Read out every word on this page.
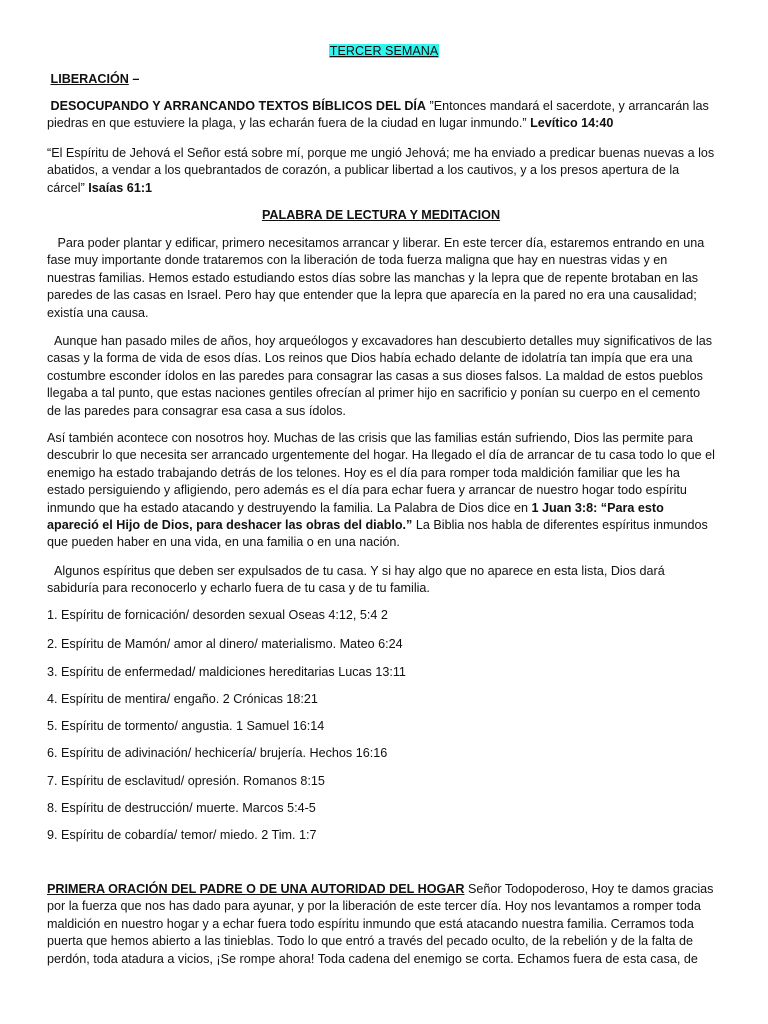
TERCER SEMANA

LIBERACIÓN –

DESOCUPANDO Y ARRANCANDO TEXTOS BÍBLICOS DEL DÍA ”Entonces mandará el sacerdote, y arrancarán las piedras en que estuviere la plaga, y las echarán fuera de la ciudad en lugar inmundo.” Levítico 14:40

“El Espíritu de Jehová el Señor está sobre mí, porque me ungió Jehová; me ha enviado a predicar buenas nuevas a los abatidos, a vendar a los quebrantados de corazón, a publicar libertad a los cautivos, y a los presos apertura de la cárcel” Isaías 61:1

PALABRA DE LECTURA Y MEDITACION

Para poder plantar y edificar, primero necesitamos arrancar y liberar. En este tercer día, estaremos entrando en una fase muy importante donde trataremos con la liberación de toda fuerza maligna que hay en nuestras vidas y en nuestras familias. Hemos estado estudiando estos días sobre las manchas y la lepra que de repente brotaban en las paredes de las casas en Israel. Pero hay que entender que la lepra que aparecía en la pared no era una causalidad; existía una causa.

Aunque han pasado miles de años, hoy arqueólogos y excavadores han descubierto detalles muy significativos de las casas y la forma de vida de esos días. Los reinos que Dios había echado delante de idolatría tan impía que era una costumbre esconder ídolos en las paredes para consagrar las casas a sus dioses falsos. La maldad de estos pueblos llegaba a tal punto, que estas naciones gentiles ofrecían al primer hijo en sacrificio y ponían su cuerpo en el cemento de las paredes para consagrar esa casa a sus ídolos.

Así también acontece con nosotros hoy. Muchas de las crisis que las familias están sufriendo, Dios las permite para descubrir lo que necesita ser arrancado urgentemente del hogar. Ha llegado el día de arrancar de tu casa todo lo que el enemigo ha estado trabajando detrás de los telones. Hoy es el día para romper toda maldición familiar que les ha estado persiguiendo y afligiendo, pero además es el día para echar fuera y arrancar de nuestro hogar todo espíritu inmundo que ha estado atacando y destruyendo la familia. La Palabra de Dios dice en 1 Juan 3:8: “Para esto apareció el Hijo de Dios, para deshacer las obras del diablo.” La Biblia nos habla de diferentes espíritus inmundos que pueden haber en una vida, en una familia o en una nación.

Algunos espíritus que deben ser expulsados de tu casa. Y si hay algo que no aparece en esta lista, Dios dará sabiduría para reconocerlo y echarlo fuera de tu casa y de tu familia.

1. Espíritu de fornicación/ desorden sexual Oseas 4:12, 5:4 2

2. Espíritu de Mamón/ amor al dinero/ materialismo. Mateo 6:24

3. Espíritu de enfermedad/ maldiciones hereditarias Lucas 13:11

4. Espíritu de mentira/ engaño. 2 Crónicas 18:21

5. Espíritu de tormento/ angustia. 1 Samuel 16:14

6. Espíritu de adivinación/ hechicería/ brujería. Hechos 16:16

7. Espíritu de esclavitud/ opresión. Romanos 8:15

8. Espíritu de destrucción/ muerte. Marcos 5:4-5

9. Espíritu de cobardía/ temor/ miedo. 2 Tim. 1:7

PRIMERA ORACIÓN DEL PADRE O DE UNA AUTORIDAD DEL HOGAR Señor Todopoderoso, Hoy te damos gracias por la fuerza que nos has dado para ayunar, y por la liberación de este tercer día. Hoy nos levantamos a romper toda maldición en nuestro hogar y a echar fuera todo espíritu inmundo que está atacando nuestra familia. Cerramos toda puerta que hemos abierto a las tinieblas. Todo lo que entró a través del pecado oculto, de la rebelión y de la falta de perdón, toda atadura a vicios, ¡Se rompe ahora! Toda cadena del enemigo se corta. Echamos fuera de esta casa, de
